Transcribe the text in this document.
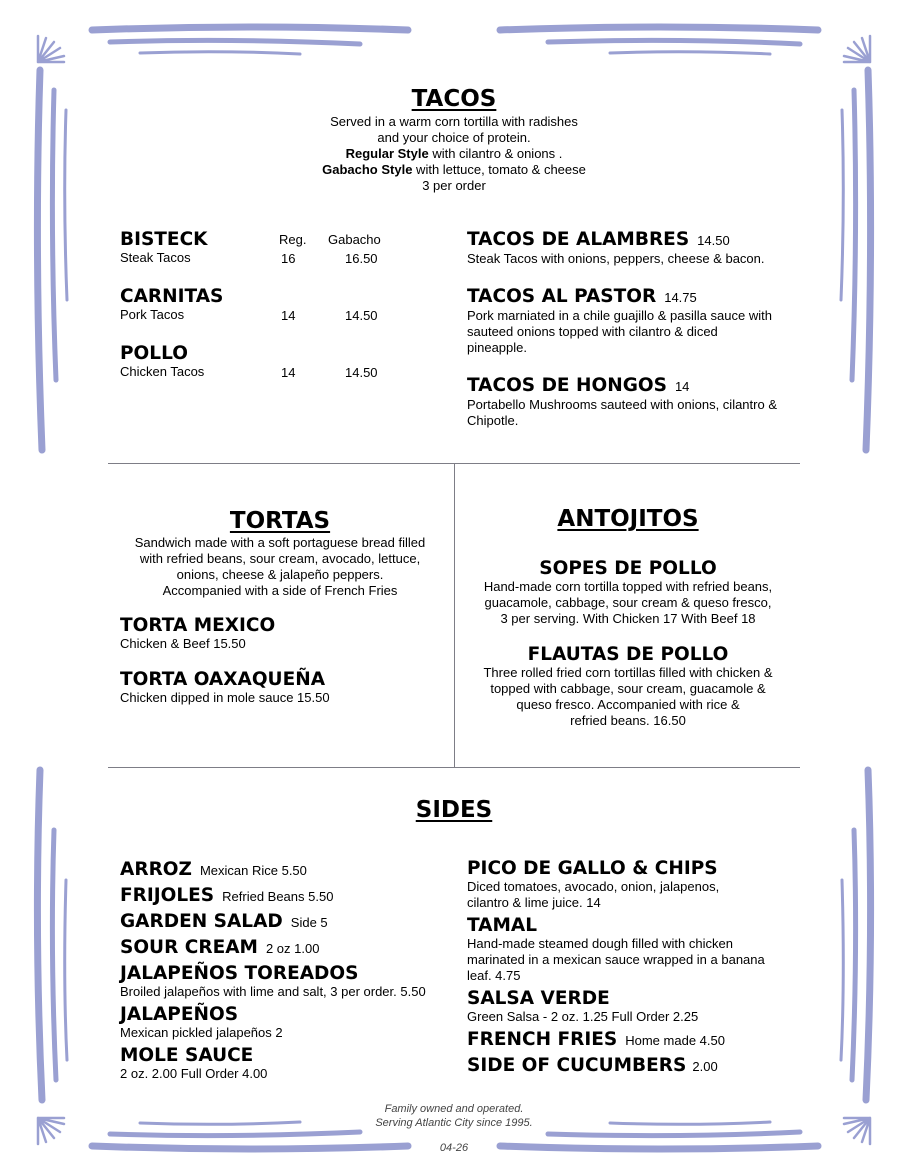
TACOS
Served in a warm corn tortilla with radishes
and your choice of protein.
Regular Style with cilantro & onions .
Gabacho Style with lettuce, tomato & cheese
3 per order
Reg. Gabacho
BISTECK
Steak Tacos	16	16.50
CARNITAS
Pork Tacos	14	14.50
POLLO
Chicken Tacos	14	14.50
TACOS DE ALAMBRES 14.50
Steak Tacos with onions, peppers, cheese & bacon.
TACOS AL PASTOR 14.75
Pork marniated in a chile guajillo & pasilla sauce with
sauteed onions topped with cilantro & diced
pineapple.
TACOS DE HONGOS 14
Portabello Mushrooms sauteed with onions, cilantro &
Chipotle.
TORTAS
Sandwich made with a soft portaguese bread filled
with refried beans, sour cream, avocado, lettuce,
onions, cheese & jalapeño peppers.
Accompanied with a side of French Fries
TORTA MEXICO
Chicken & Beef 15.50
TORTA OAXAQUEÑA
Chicken dipped in mole sauce 15.50
ANTOJITOS
SOPES DE POLLO
Hand-made corn tortilla topped with refried beans,
guacamole, cabbage, sour cream & queso fresco,
3 per serving. With Chicken 17 With Beef 18
FLAUTAS DE POLLO
Three rolled fried corn tortillas filled with chicken &
topped with cabbage, sour cream, guacamole &
queso fresco. Accompanied with rice &
refried beans. 16.50
SIDES
ARROZ Mexican Rice 5.50
FRIJOLES Refried Beans 5.50
GARDEN SALAD Side 5
SOUR CREAM 2 oz 1.00
JALAPEÑOS TOREADOS
Broiled jalapeños with lime and salt, 3 per order. 5.50
JALAPEÑOS
Mexican pickled jalapeños 2
MOLE SAUCE
2 oz. 2.00 Full Order 4.00
PICO DE GALLO & CHIPS
Diced tomatoes, avocado, onion, jalapenos,
cilantro & lime juice. 14
TAMAL
Hand-made steamed dough filled with chicken
marinated in a mexican sauce wrapped in a banana
leaf. 4.75
SALSA VERDE
Green Salsa - 2 oz. 1.25 Full Order 2.25
FRENCH FRIES Home made 4.50
SIDE OF CUCUMBERS 2.00
Family owned and operated.
Serving Atlantic City since 1995.
04-26
